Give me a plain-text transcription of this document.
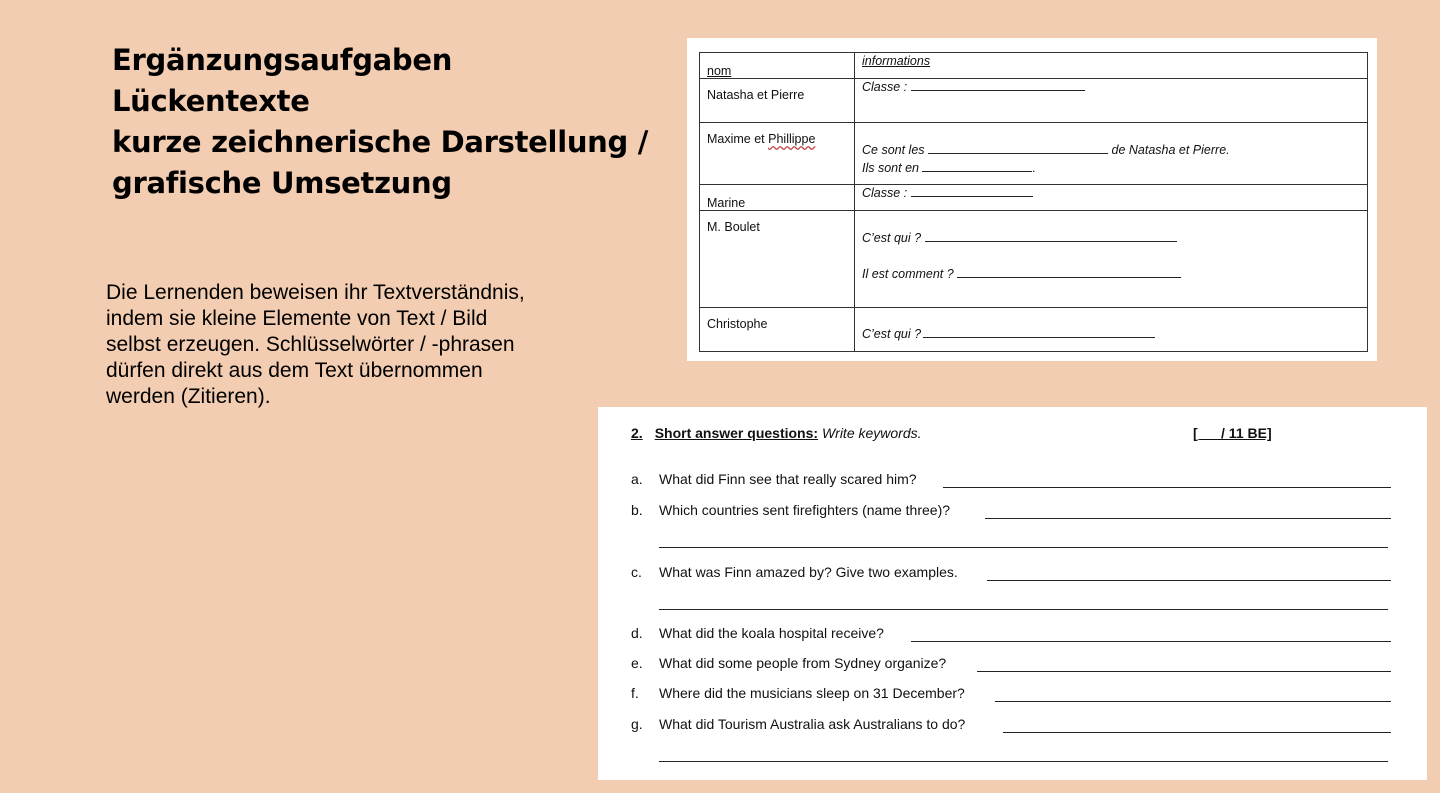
Ergänzungsaufgaben
Lückentexte
kurze zeichnerische Darstellung /
grafische Umsetzung
Die Lernenden beweisen ihr Textverständnis,
indem sie kleine Elemente von Text / Bild
selbst erzeugen. Schlüsselwörter / -phrasen
dürfen direkt aus dem Text übernommen
werden (Zitieren).
nom	informations
Natasha et Pierre	Classe :
Maxime et Phillippe	Ce sont les de Natasha et Pierre.
Ils sont en .

Marine	Classe :
M. Boulet	C’est qui ?
Il est comment ?

Christophe	C’est qui ?
2. Short answer questions: Write keywords.	[___/ 11 BE]
a. What did Finn see that really scared him?
b. Which countries sent firefighters (name three)?
c. What was Finn amazed by? Give two examples.
d. What did the koala hospital receive?
e. What did some people from Sydney organize?
f. Where did the musicians sleep on 31 December?
g. What did Tourism Australia ask Australians to do?
